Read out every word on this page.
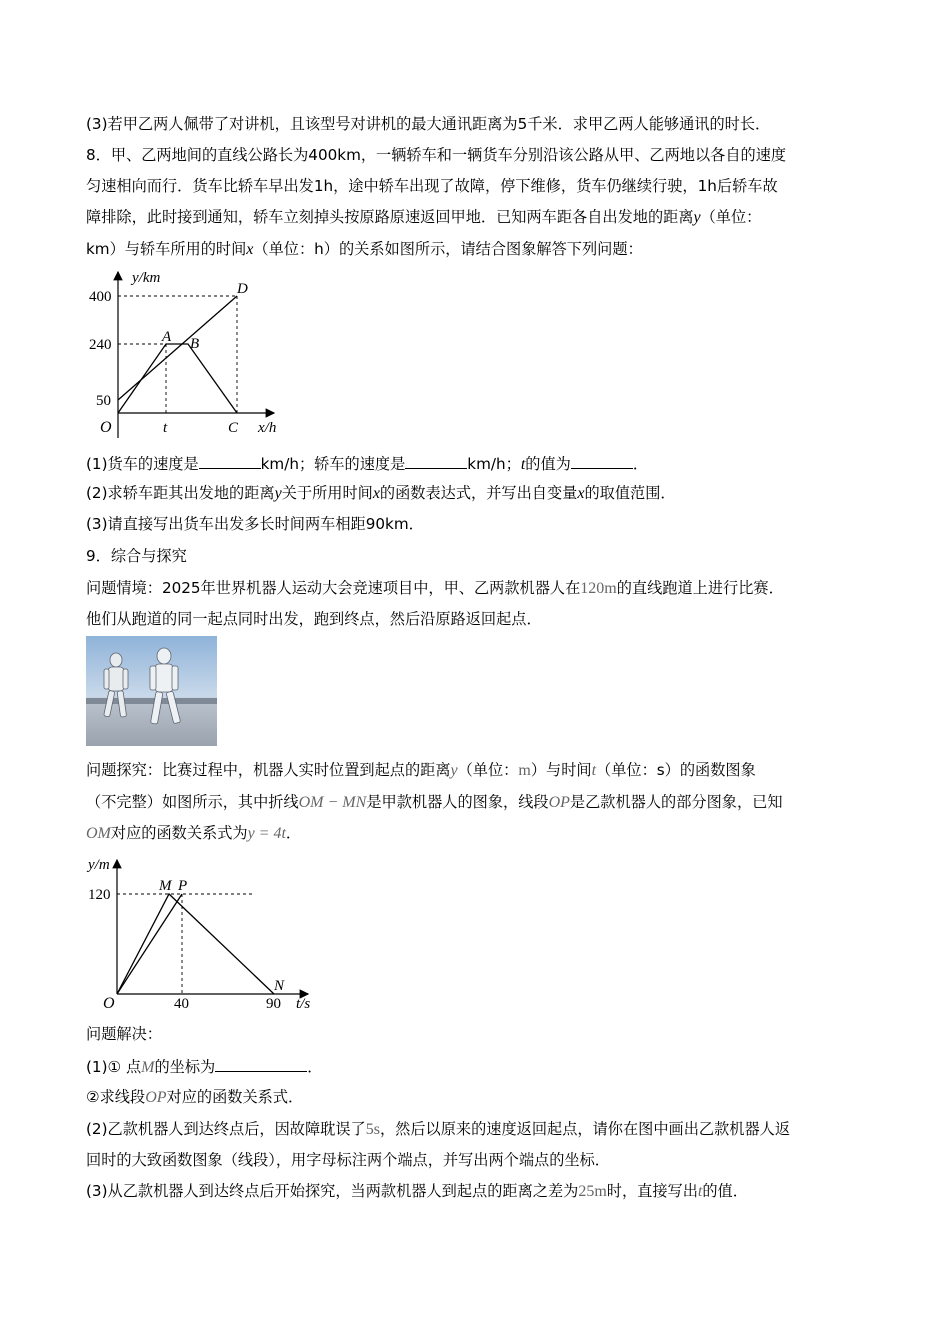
(3)若甲乙两人佩带了对讲机，且该型号对讲机的最大通讯距离为5千米．求甲乙两人能够通讯的时长．
8．甲、乙两地间的直线公路长为400km，一辆轿车和一辆货车分别沿该公路从甲、乙两地以各自的速度
匀速相向而行．货车比轿车早出发1h，途中轿车出现了故障，停下维修，货车仍继续行驶，1h后轿车故
障排除，此时接到通知，轿车立刻掉头按原路原速返回甲地．已知两车距各自出发地的距离y（单位：
km）与轿车所用的时间x（单位：h）的关系如图所示，请结合图象解答下列问题：
y/km
400
240
50
O	t	C x/h
A B
D
(1)货车的速度是	km/h；轿车的速度是	km/h；t的值为	．
(2)求轿车距其出发地的距离y关于所用时间x的函数表达式，并写出自变量x的取值范围．
(3)请直接写出货车出发多长时间两车相距90km．
9．综合与探究
问题情境：2025年世界机器人运动大会竞速项目中，甲、乙两款机器人在120m的直线跑道上进行比赛．
他们从跑道的同一起点同时出发，跑到终点，然后沿原路返回起点．
问题探究：比赛过程中，机器人实时位置到起点的距离y（单位：m）与时间t（单位：s）的函数图象
（不完整）如图所示，其中折线OM − MN是甲款机器人的图象，线段OP是乙款机器人的部分图象，已知
OM对应的函数关系式为y = 4t．
y/m
120
O	40	90 t/s
M P
N
问题解决：
(1)① 点M的坐标为	．
②求线段OP对应的函数关系式．
(2)乙款机器人到达终点后，因故障耽误了5s，然后以原来的速度返回起点，请你在图中画出乙款机器人返
回时的大致函数图象（线段），用字母标注两个端点，并写出两个端点的坐标．
(3)从乙款机器人到达终点后开始探究，当两款机器人到起点的距离之差为25m时，直接写出t的值．
